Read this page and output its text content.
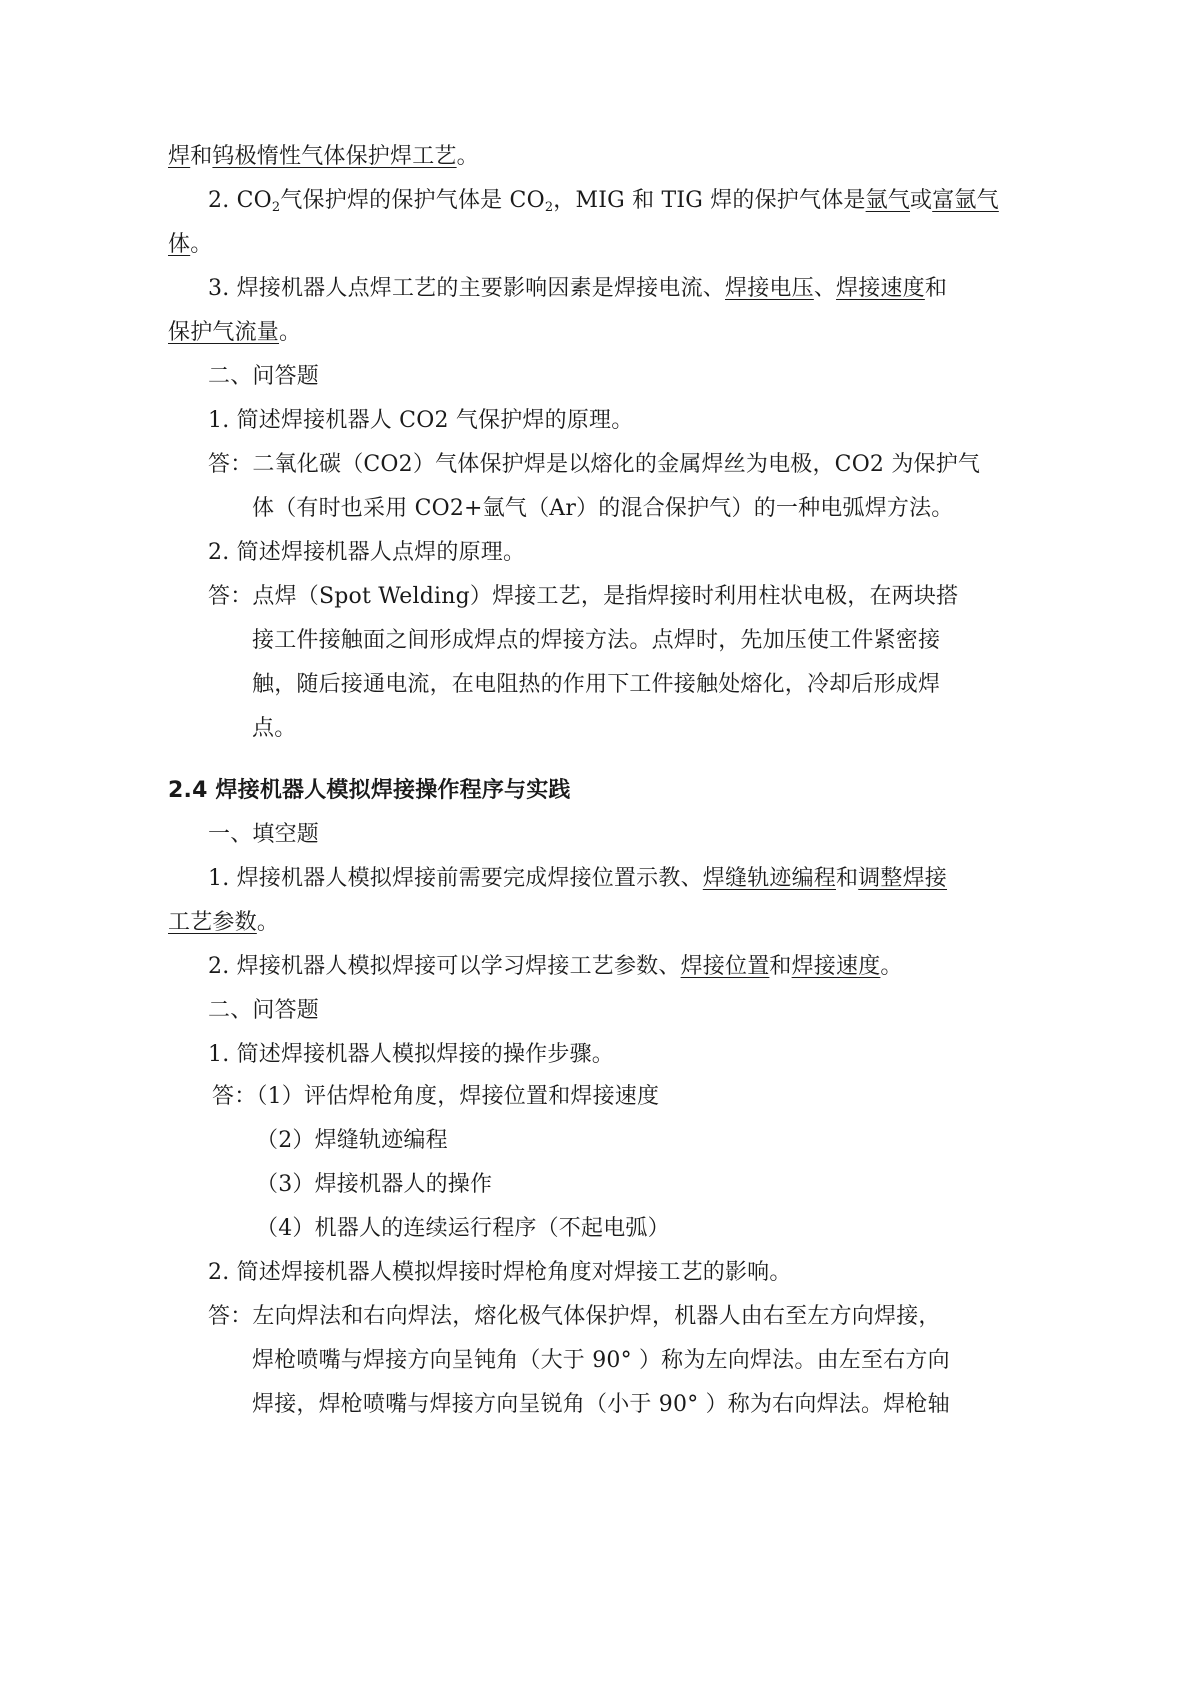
焊和钨极惰性气体保护焊工艺。
2. $CO_2$气保护焊的保护气体是 $CO_2$，MIG 和 TIG 焊的保护气体是氩气或富氩气
体。
3. 焊接机器人点焊工艺的主要影响因素是焊接电流、焊接电压、焊接速度和
保护气流量。
二、问答题
1. 简述焊接机器人 CO2 气保护焊的原理。
答：二氧化碳（CO2）气体保护焊是以熔化的金属焊丝为电极，CO2 为保护气
体（有时也采用 CO2+氩气（Ar）的混合保护气）的一种电弧焊方法。
2. 简述焊接机器人点焊的原理。
答：点焊（Spot Welding）焊接工艺，是指焊接时利用柱状电极，在两块搭
接工件接触面之间形成焊点的焊接方法。点焊时，先加压使工件紧密接
触，随后接通电流，在电阻热的作用下工件接触处熔化，冷却后形成焊
点。
2.4 焊接机器人模拟焊接操作程序与实践
一、填空题
1. 焊接机器人模拟焊接前需要完成焊接位置示教、焊缝轨迹编程和调整焊接
工艺参数。
2. 焊接机器人模拟焊接可以学习焊接工艺参数、焊接位置和焊接速度。
二、问答题
1. 简述焊接机器人模拟焊接的操作步骤。
答：（1）评估焊枪角度，焊接位置和焊接速度
（2）焊缝轨迹编程
（3）焊接机器人的操作
（4）机器人的连续运行程序（不起电弧）
2. 简述焊接机器人模拟焊接时焊枪角度对焊接工艺的影响。
答：左向焊法和右向焊法，熔化极气体保护焊，机器人由右至左方向焊接，
焊枪喷嘴与焊接方向呈钝角（大于 90° ）称为左向焊法。由左至右方向
焊接，焊枪喷嘴与焊接方向呈锐角（小于 90° ）称为右向焊法。焊枪轴
